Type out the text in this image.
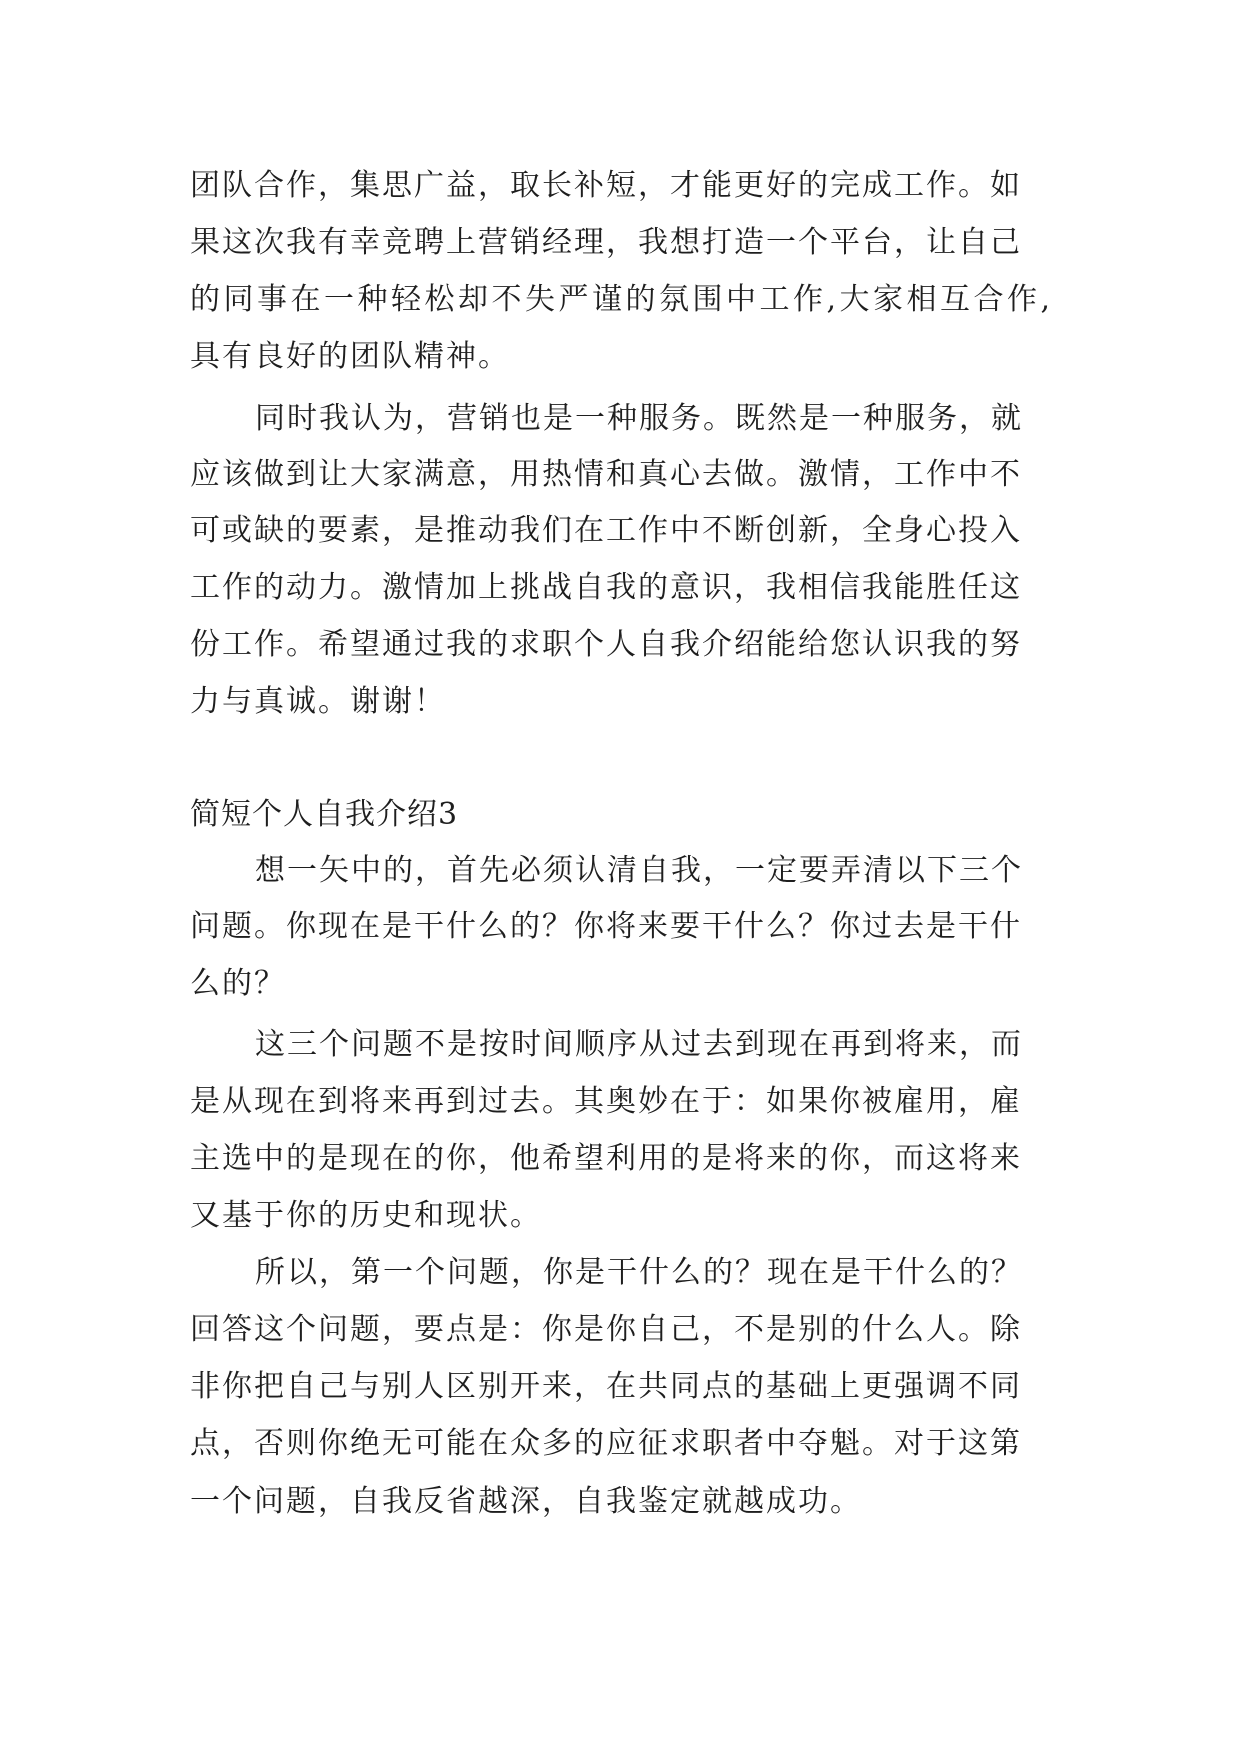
团队合作，集思广益，取长补短，才能更好的完成工作。如
果这次我有幸竞聘上营销经理，我想打造一个平台，让自己
的同事在一种轻松却不失严谨的氛围中工作,大家相互合作,
具有良好的团队精神。
同时我认为，营销也是一种服务。既然是一种服务，就
应该做到让大家满意，用热情和真心去做。激情，工作中不
可或缺的要素，是推动我们在工作中不断创新，全身心投入
工作的动力。激情加上挑战自我的意识，我相信我能胜任这
份工作。希望通过我的求职个人自我介绍能给您认识我的努
力与真诚。谢谢！
简短个人自我介绍3
想一矢中的，首先必须认清自我，一定要弄清以下三个
问题。你现在是干什么的？你将来要干什么？你过去是干什
么的？
这三个问题不是按时间顺序从过去到现在再到将来，而
是从现在到将来再到过去。其奥妙在于：如果你被雇用，雇
主选中的是现在的你，他希望利用的是将来的你，而这将来
又基于你的历史和现状。
所以，第一个问题，你是干什么的？现在是干什么的？
回答这个问题，要点是：你是你自己，不是别的什么人。除
非你把自己与别人区别开来，在共同点的基础上更强调不同
点，否则你绝无可能在众多的应征求职者中夺魁。对于这第
一个问题，自我反省越深，自我鉴定就越成功。
